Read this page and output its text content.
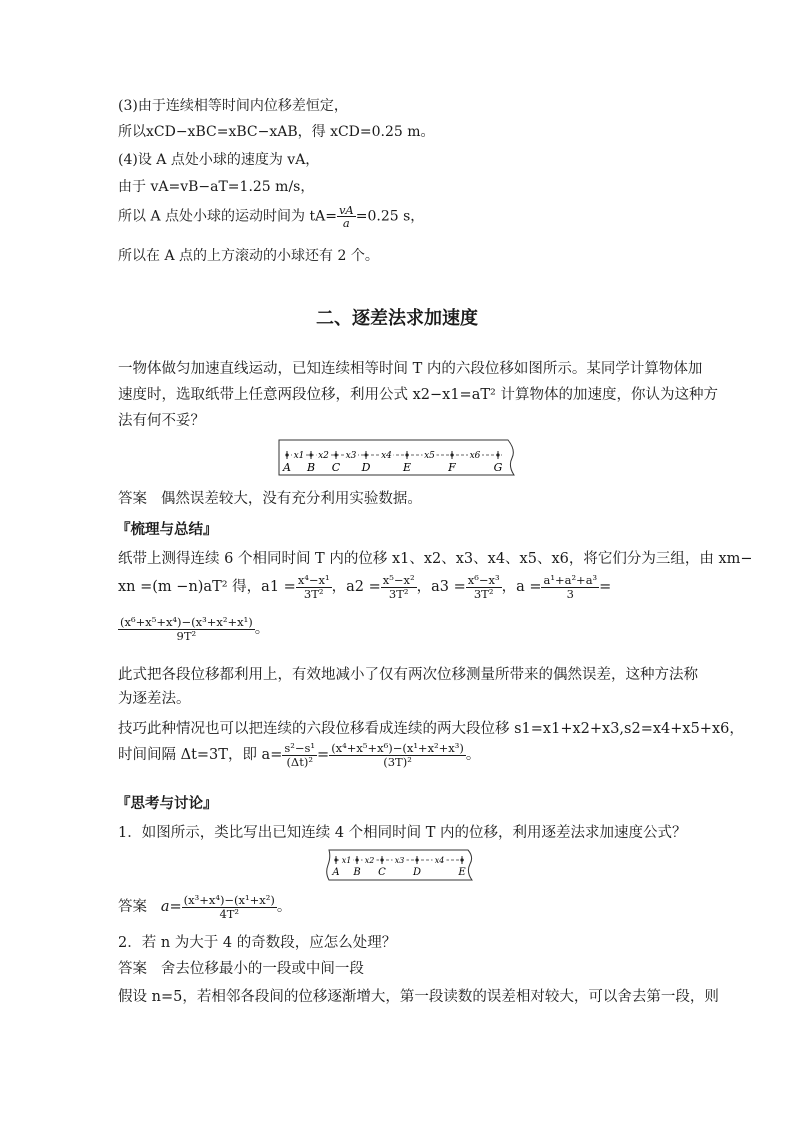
(3)由于连续相等时间内位移差恒定，
所以xCD−xBC=xBC−xAB，得 xCD=0.25 m。
(4)设 A 点处小球的速度为 vA，
由于 vA=vB−aT=1.25 m/s，
所以 A 点处小球的运动时间为 $tA= \frac{vA}{a} =0.25$ s，
所以在 A 点的上方滚动的小球还有 2 个。
二、逐差法求加速度
一物体做匀加速直线运动，已知连续相等时间 T 内的六段位移如图所示。某同学计算物体加
速度时，选取纸带上任意两段位移，利用公式 x2−x1=aT² 计算物体的加速度，你认为这种方
法有何不妥？
A B C D	E	F	G
x1 x2 x3	x4	x5	x6
答案 偶然误差较大，没有充分利用实验数据。
『梳理与总结』
纸带上测得连续 6 个相同时间 T 内的位移 x1、x2、x3、x4、x5、x6，将它们分为三组，由 xm−
xn =(m −n)aT² 得，$a1 = \frac{\text{x⁴−x¹}}{\text{3T²}}$ ，$a2 = \frac{\text{x⁵−x²}}{\text{3T²}}$ ，$a3 = \frac{\text{x⁶−x³}}{\text{3T²}}$ ，$a = \frac{\text{a¹+a²+a³}}{3}$ =
$\frac{\text{(x⁶+x⁵+x⁴)−(x³+x²+x¹)}}{\text{9T²}}$ 。
此式把各段位移都利用上，有效地减小了仅有两次位移测量所带来的偶然误差，这种方法称
为逐差法。
技巧此种情况也可以把连续的六段位移看成连续的两大段位移 s1=x1+x2+x3,s2=x4+x5+x6，
时间间隔 Δt=3T，即 $a= \frac{\text{s²−s¹}}{\text{(Δt)²}} = \frac{\text{(x⁴+x⁵+x⁶)−(x¹+x²+x³)}}{\text{(3T)²}}$ 。
『思考与讨论』
1．如图所示，类比写出已知连续 4 个相同时间 T 内的位移，利用逐差法求加速度公式？
A B C	D	E
x1 x2	x3	x4
答案 $a= \frac{\text{(x³+x⁴)−(x¹+x²)}}{\text{4T²}}$ 。
2．若 n 为大于 4 的奇数段，应怎么处理？
答案 舍去位移最小的一段或中间一段
假设 n=5，若相邻各段间的位移逐渐增大，第一段读数的误差相对较大，可以舍去第一段，则
